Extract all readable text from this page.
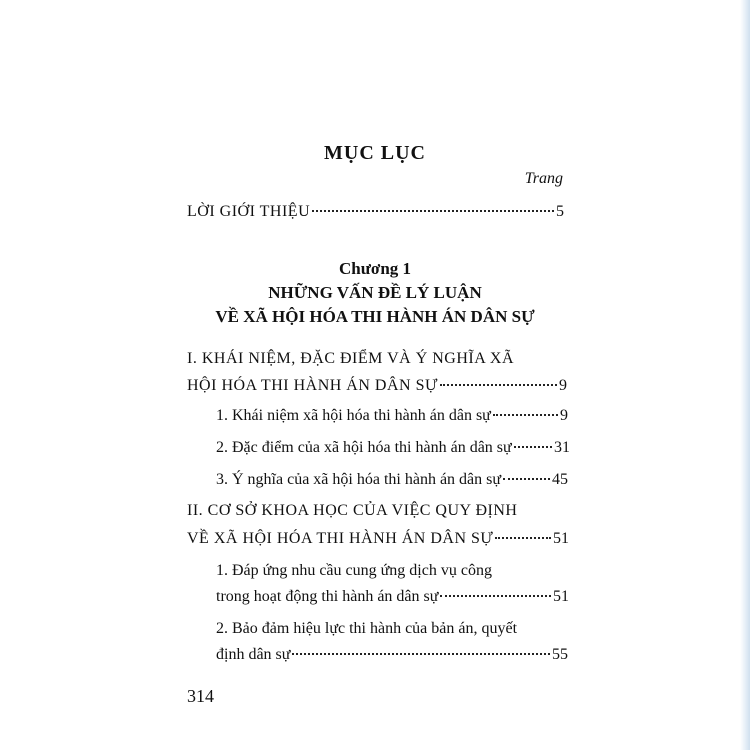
MỤC LỤC
Trang
LỜI GIỚI THIỆU	5
Chương 1
NHỮNG VẤN ĐỀ LÝ LUẬN
VỀ XÃ HỘI HÓA THI HÀNH ÁN DÂN SỰ
I. KHÁI NIỆM, ĐẶC ĐIỂM VÀ Ý NGHĨA XÃ
HỘI HÓA THI HÀNH ÁN DÂN SỰ	9
1. Khái niệm xã hội hóa thi hành án dân sự	9
2. Đặc điểm của xã hội hóa thi hành án dân sự	31
3. Ý nghĩa của xã hội hóa thi hành án dân sự	45
II. CƠ SỞ KHOA HỌC CỦA VIỆC QUY ĐỊNH
VỀ XÃ HỘI HÓA THI HÀNH ÁN DÂN SỰ	51
1. Đáp ứng nhu cầu cung ứng dịch vụ công
trong hoạt động thi hành án dân sự	51
2. Bảo đảm hiệu lực thi hành của bản án, quyết
định dân sự	55
314
